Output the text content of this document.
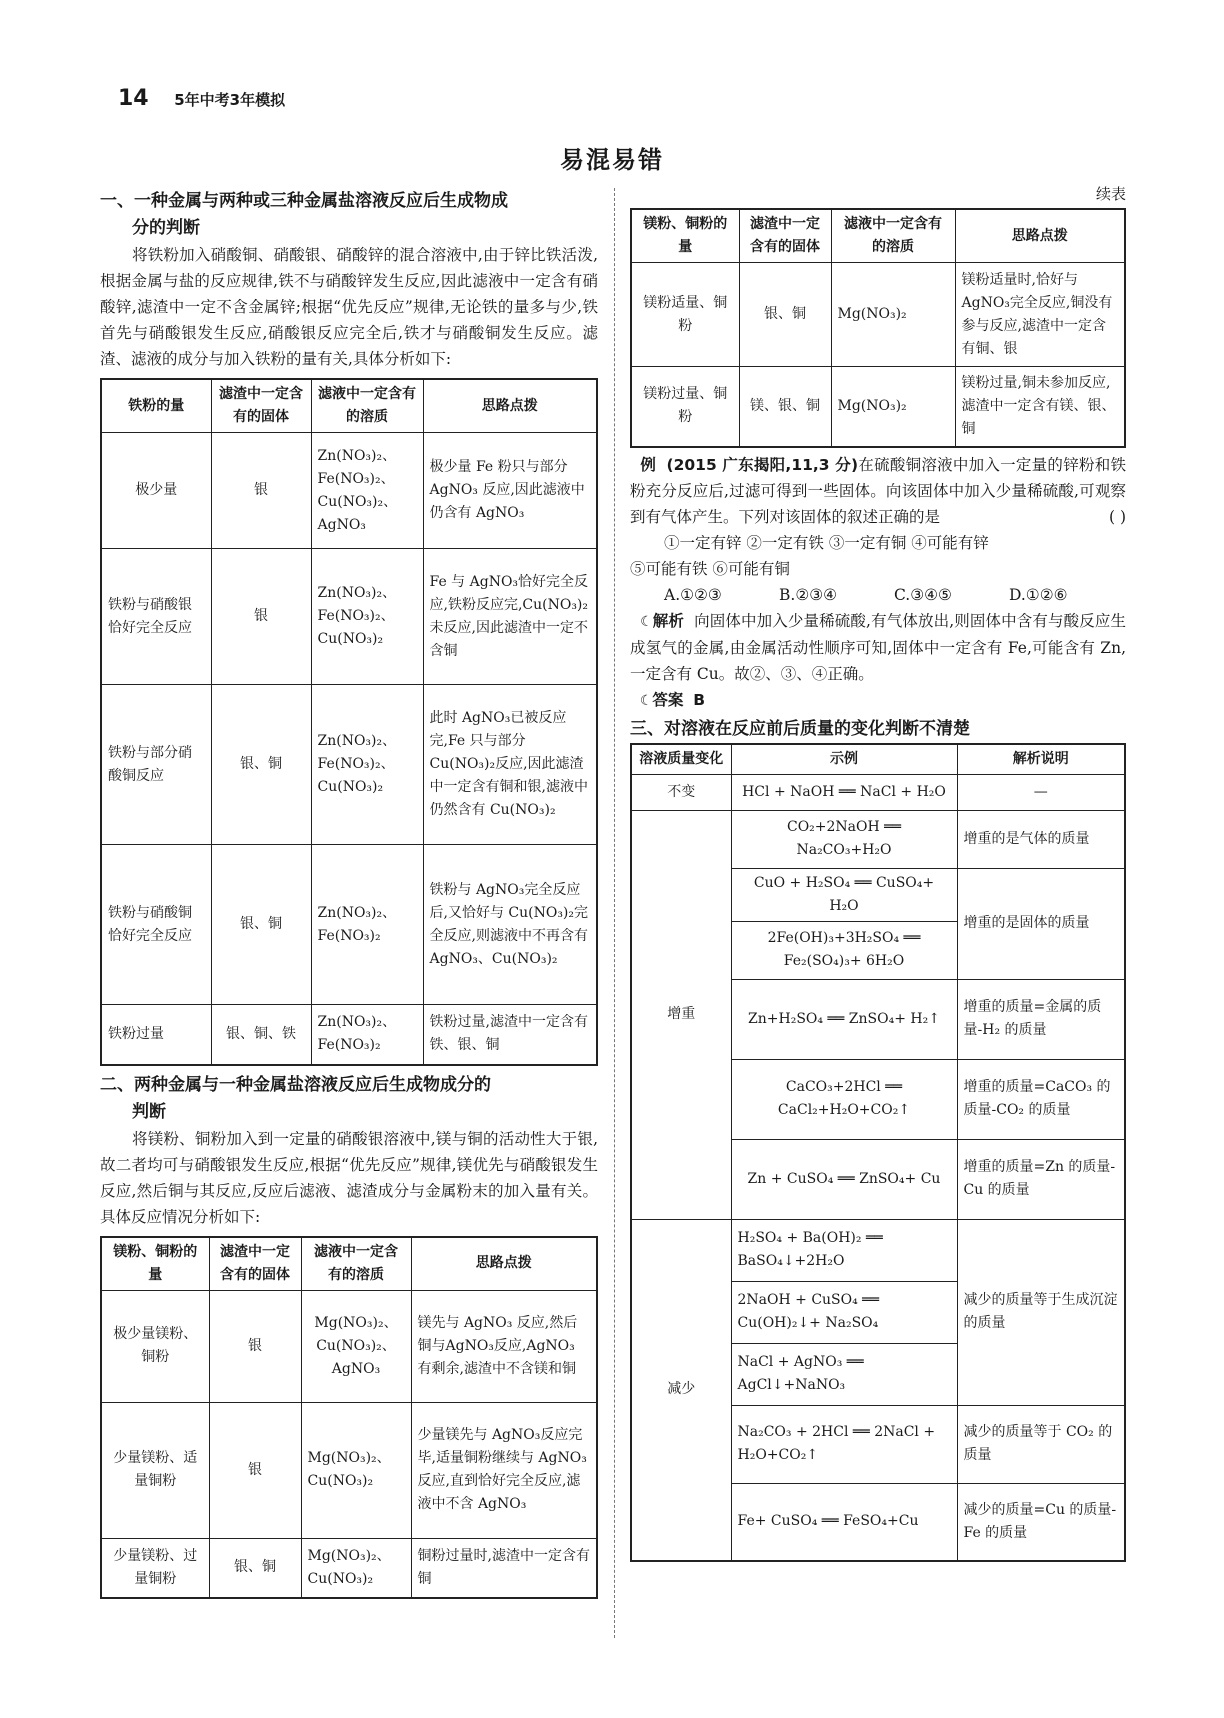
14 5年中考3年模拟
易混易错
一、一种金属与两种或三种金属盐溶液反应后生成物成
分的判断

将铁粉加入硝酸铜、硝酸银、硝酸锌的混合溶液中,由于锌比铁活泼,根据金属与盐的反应规律,铁不与硝酸锌发生反应,因此滤液中一定含有硝酸锌,滤渣中一定不含金属锌;根据“优先反应”规律,无论铁的量多与少,铁首先与硝酸银发生反应,硝酸银反应完全后,铁才与硝酸铜发生反应。滤渣、滤液的成分与加入铁粉的量有关,具体分析如下:

铁粉的量	滤渣中一定含有的固体	滤液中一定含有的溶质	思路点拨
极少量	银	Zn(NO₃)₂、Fe(NO₃)₂、Cu(NO₃)₂、AgNO₃	极少量 Fe 粉只与部分 AgNO₃ 反应,因此滤液中仍含有 AgNO₃
铁粉与硝酸银恰好完全反应	银	Zn(NO₃)₂、Fe(NO₃)₂、Cu(NO₃)₂	Fe 与 AgNO₃恰好完全反应,铁粉反应完,Cu(NO₃)₂未反应,因此滤渣中一定不含铜
铁粉与部分硝酸铜反应	银、铜	Zn(NO₃)₂、Fe(NO₃)₂、Cu(NO₃)₂	此时 AgNO₃已被反应完,Fe 只与部分 Cu(NO₃)₂反应,因此滤渣中一定含有铜和银,滤液中仍然含有 Cu(NO₃)₂
铁粉与硝酸铜恰好完全反应	银、铜	Zn(NO₃)₂、Fe(NO₃)₂	铁粉与 AgNO₃完全反应后,又恰好与 Cu(NO₃)₂完全反应,则滤液中不再含有 AgNO₃、Cu(NO₃)₂
铁粉过量	银、铜、铁	Zn(NO₃)₂、Fe(NO₃)₂	铁粉过量,滤渣中一定含有铁、银、铜
二、两种金属与一种金属盐溶液反应后生成物成分的
判断

将镁粉、铜粉加入到一定量的硝酸银溶液中,镁与铜的活动性大于银,故二者均可与硝酸银发生反应,根据“优先反应”规律,镁优先与硝酸银发生反应,然后铜与其反应,反应后滤液、滤渣成分与金属粉末的加入量有关。具体反应情况分析如下:

镁粉、铜粉的量	滤渣中一定含有的固体	滤液中一定含有的溶质	思路点拨
极少量镁粉、铜粉	银	Mg(NO₃)₂、Cu(NO₃)₂、AgNO₃	镁先与 AgNO₃ 反应,然后铜与AgNO₃反应,AgNO₃ 有剩余,滤渣中不含镁和铜
少量镁粉、适量铜粉	银	Mg(NO₃)₂、Cu(NO₃)₂	少量镁先与 AgNO₃反应完毕,适量铜粉继续与 AgNO₃ 反应,直到恰好完全反应,滤液中不含 AgNO₃
少量镁粉、过量铜粉	银、铜	Mg(NO₃)₂、Cu(NO₃)₂	铜粉过量时,滤渣中一定含有铜
续表
镁粉、铜粉的量	滤渣中一定含有的固体	滤液中一定含有的溶质	思路点拨
镁粉适量、铜粉	银、铜	Mg(NO₃)₂	镁粉适量时,恰好与 AgNO₃完全反应,铜没有参与反应,滤渣中一定含有铜、银
镁粉过量、铜粉	镁、银、铜	Mg(NO₃)₂	镁粉过量,铜未参加反应,滤渣中一定含有镁、银、铜
例 (2015 广东揭阳,11,3 分)在硫酸铜溶液中加入一定量的锌粉和铁粉充分反应后,过滤可得到一些固体。向该固体中加入少量稀硫酸,可观察到有气体产生。下列对该固体的叙述正确的是	( )
①一定有锌 ②一定有铁 ③一定有铜 ④可能有锌
⑤可能有铁 ⑥可能有铜
A.①②③	B.②③④	C.③④⑤	D.①②⑥
☾解析 向固体中加入少量稀硫酸,有气体放出,则固体中含有与酸反应生成氢气的金属,由金属活动性顺序可知,固体中一定含有 Fe,可能含有 Zn,一定含有 Cu。故②、③、④正确。
☾答案 B
三、对溶液在反应前后质量的变化判断不清楚
溶液质量变化	示例	解析说明
不变	HCl + NaOH ══ NaCl + H₂O	—
增重	CO₂+2NaOH ══ Na₂CO₃+H₂O	增重的是气体的质量
	CuO + H₂SO₄ ══ CuSO₄+ H₂O	增重的是固体的质量
	2Fe(OH)₃+3H₂SO₄ ══ Fe₂(SO₄)₃+ 6H₂O	
	Zn+H₂SO₄ ══ ZnSO₄+ H₂↑	增重的质量=金属的质量-H₂ 的质量
	CaCO₃+2HCl ══ CaCl₂+H₂O+CO₂↑	增重的质量=CaCO₃ 的质量-CO₂ 的质量
	Zn + CuSO₄ ══ ZnSO₄+ Cu	增重的质量=Zn 的质量-Cu 的质量
减少	H₂SO₄ + Ba(OH)₂ ══ BaSO₄↓+2H₂O	减少的质量等于生成沉淀的质量
	2NaOH + CuSO₄ ══ Cu(OH)₂↓+ Na₂SO₄	
	NaCl + AgNO₃ ══ AgCl↓+NaNO₃	
	Na₂CO₃ + 2HCl ══ 2NaCl + H₂O+CO₂↑	减少的质量等于 CO₂ 的质量
	Fe+ CuSO₄ ══ FeSO₄+Cu	减少的质量=Cu 的质量-Fe 的质量
